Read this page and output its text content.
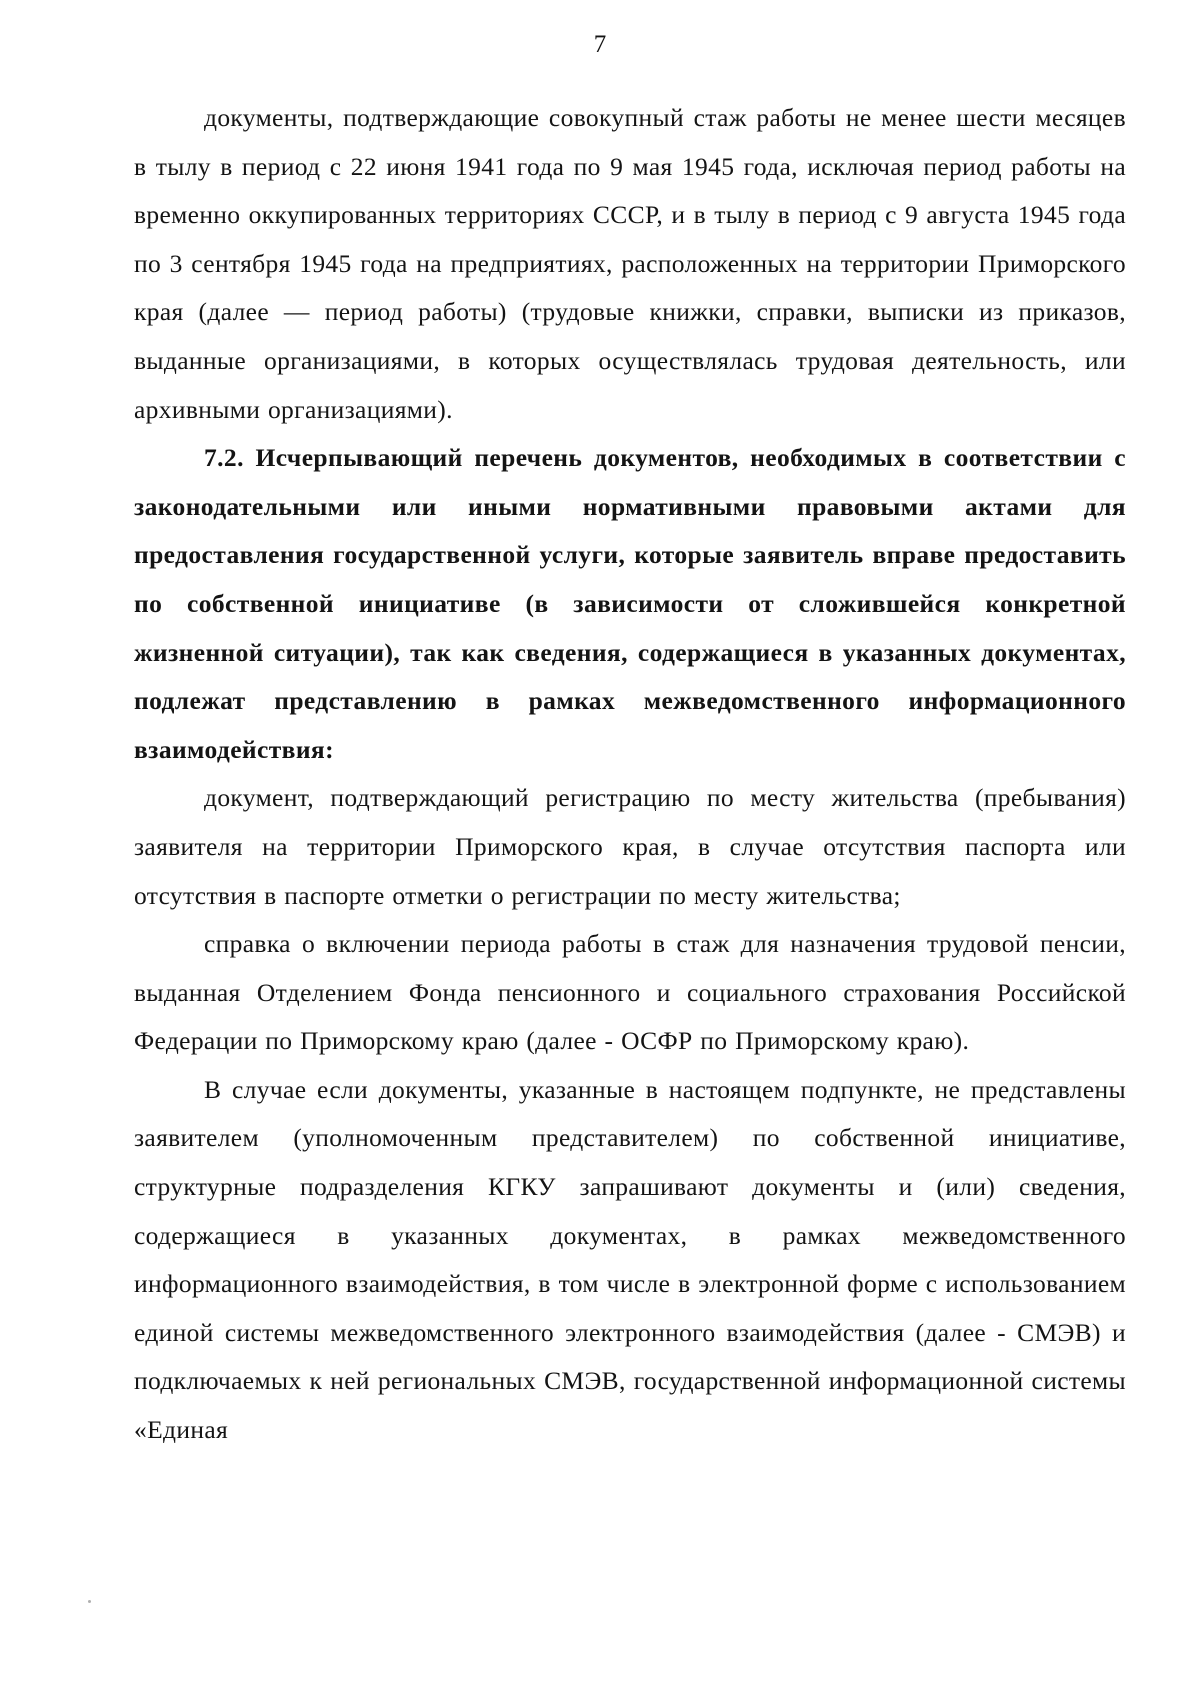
7

документы, подтверждающие совокупный стаж работы не менее шести месяцев в тылу в период с 22 июня 1941 года по 9 мая 1945 года, исключая период работы на временно оккупированных территориях СССР, и в тылу в период с 9 августа 1945 года по 3 сентября 1945 года на предприятиях, расположенных на территории Приморского края (далее — период работы) (трудовые книжки, справки, выписки из приказов, выданные организациями, в которых осуществлялась трудовая деятельность, или архивными организациями).

7.2. Исчерпывающий перечень документов, необходимых в соответствии с законодательными или иными нормативными правовыми актами для предоставления государственной услуги, которые заявитель вправе предоставить по собственной инициативе (в зависимости от сложившейся конкретной жизненной ситуации), так как сведения, содержащиеся в указанных документах, подлежат представлению в рамках межведомственного информационного взаимодействия:

документ, подтверждающий регистрацию по месту жительства (пребывания) заявителя на территории Приморского края, в случае отсутствия паспорта или отсутствия в паспорте отметки о регистрации по месту жительства;

справка о включении периода работы в стаж для назначения трудовой пенсии, выданная Отделением Фонда пенсионного и социального страхования Российской Федерации по Приморскому краю (далее - ОСФР по Приморскому краю).

В случае если документы, указанные в настоящем подпункте, не представлены заявителем (уполномоченным представителем) по собственной инициативе, структурные подразделения КГКУ запрашивают документы и (или) сведения, содержащиеся в указанных документах, в рамках межведомственного информационного взаимодействия, в том числе в электронной форме с использованием единой системы межведомственного электронного взаимодействия (далее - СМЭВ) и подключаемых к ней региональных СМЭВ, государственной информационной системы «Единая
